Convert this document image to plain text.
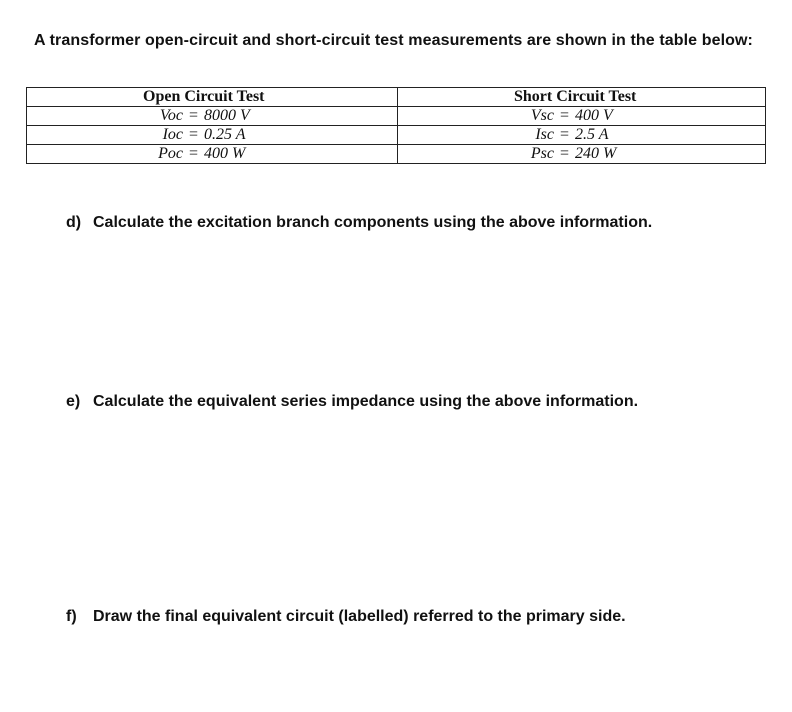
A transformer open-circuit and short-circuit test measurements are shown in the table below:
Open Circuit Test	Short Circuit Test
Voc = 8000 V	Vsc = 400 V
Ioc = 0.25 A	Isc = 2.5 A
Poc = 400 W	Psc = 240 W
d) Calculate the excitation branch components using the above information.
e) Calculate the equivalent series impedance using the above information.
f) Draw the final equivalent circuit (labelled) referred to the primary side.
